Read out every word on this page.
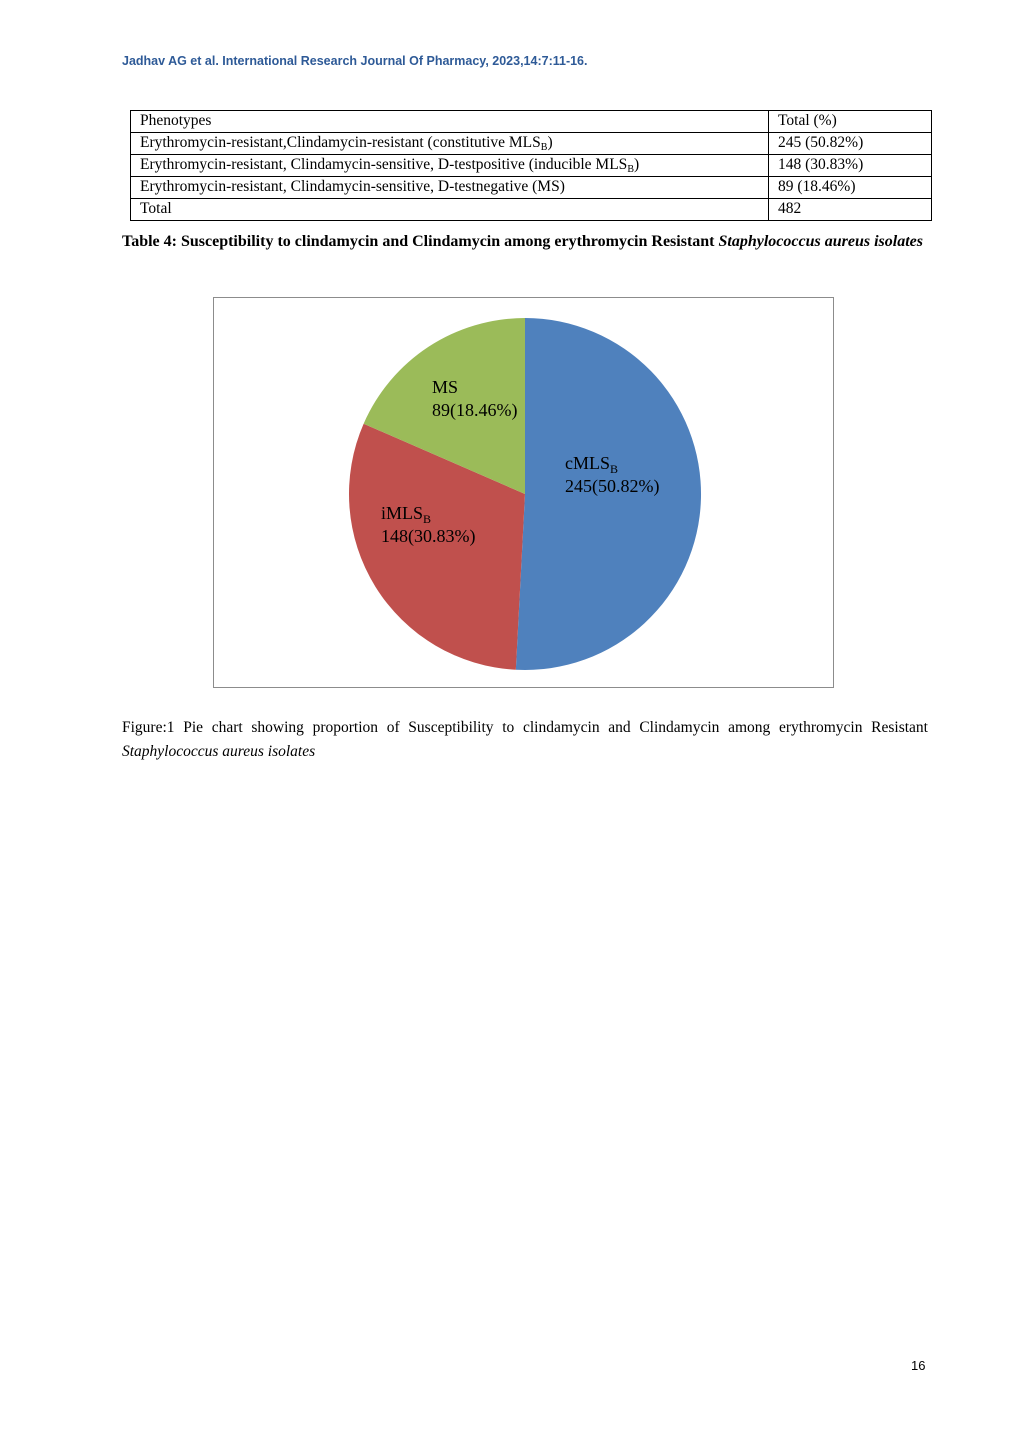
Jadhav AG et al. International Research Journal Of Pharmacy, 2023,14:7:11-16.
Phenotypes	Total (%)
Erythromycin-resistant,Clindamycin-resistant (constitutive $MLS_B$)	245 (50.82%)
Erythromycin-resistant, Clindamycin-sensitive, D-testpositive (inducible $MLS_B$)	148 (30.83%)
Erythromycin-resistant, Clindamycin-sensitive, D-testnegative (MS)	89 (18.46%)
Total	482
Table 4: Susceptibility to clindamycin and Clindamycin among erythromycin Resistant Staphylococcus aureus isolates
cMLS$_B$
245(50.82%)
iMLS$_B$
148(30.83%)
MS
89(18.46%)
Figure:1 Pie chart showing proportion of Susceptibility to clindamycin and Clindamycin among erythromycin Resistant Staphylococcus aureus isolates
16
